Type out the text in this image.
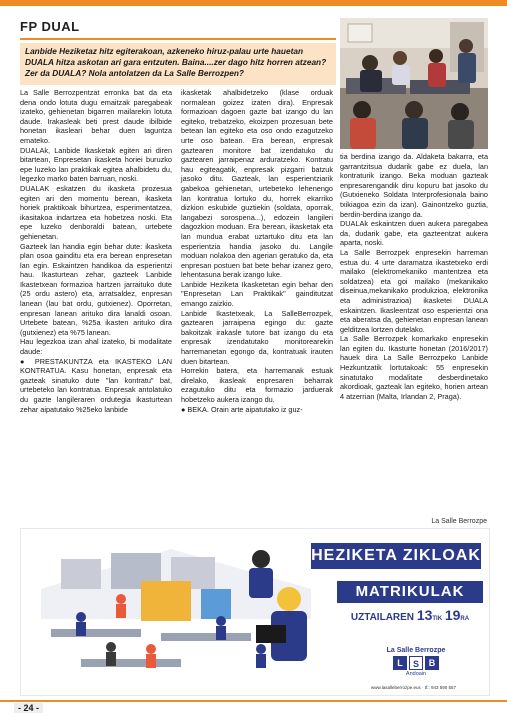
FP DUAL

Lanbide Heziketaz hitz egiterakoan, azkeneko hiruz-palau urte hauetan DUALA hitza askotan ari gara entzuten. Baina....zer dago hitz horren atzean? Zer da DUALA? Nola antolatzen da La Salle Berrozpen?

La Salle Berrozpentzat erronka bat da eta dena ondo lotuta dugu emaitzak paregabeak izateko, gehienetan bigarren mailarekin lotuta daude. Irakasleak beti prest daude ibilbide honetan ikasleari behar duen laguntza emateko.

DUALAk, Lanbide Ikasketak egiten ari diren bitartean, Enpresetan ikasketa horiei buruzko epe luzeko lan praktikak egitea ahalbidetu du, legezko marko baten barruan, noski.

DUALAK eskatzen du ikasketa prozesua egiten ari den momentu berean, ikasketa horiek praktikoak bihurtzea, esperimentatzea, ikasitakoa indartzea eta hobetzea noski. Eta epe luzeko denboraldi batean, urtebete gehienetan.

Gazteek lan handia egin behar dute: ikasketa plan osoa gainditu eta era berean enpresetan lan egin. Eskaintzen handikoa da esperientzi hau. Ikasturtean zehar, gazteek Lanbide Ikastetxean formazioa hartzen jarraituko dute (25 ordu astero) eta, arratsaldez, enpresan lanean (lau bat ordu, gutxienez). Oporretan, enpresan lanean arituko dira lanaldi osoan. Urtebete batean, %25a ikasten arituko dira (gutxienez) eta %75 lanean.

Hau legezkoa izan ahal izateko, bi modalitate daude:

● PRESTAKUNTZA eta IKASTEKO LAN KONTRATUA. Kasu honetan, enpresak eta gazteak sinatuko dute "lan kontratu" bat, urtebeteko lan kontratua. Enpresak antolatuko du gazte langileraren ordutegia ikasturtean zehar aipatutako %25eko lanbide

ikasketak ahalbidetzeko (klase orduak normalean goizez izaten dira). Enpresak formazioan dagoen gazte bat izango du lan egiteko, trebatzeko, ekoizpen prozesuan bete betean lan egiteko eta oso ondo ezagutzeko urte oso batean. Era berean, enpresak gaztearen monitore bat izendatuko du gaztearen jarraipenaz arduratzeko. Kontratu hau egiteagatik, enpresak pizgarri batzuk jasoko ditu. Gazteak, lan esperientziarik gabekoa gehienetan, urtebeteko lehenengo lan kontratua lortuko du, horrek ekarriko dizkion eskubide guztiekin (soldata, oporrak, langabezi sorospena...), edozein langileri dagozkion moduan. Era berean, ikasketak eta lan mundua erabat uztartuko ditu eta lan esperientzia handia jasoko du. Langile moduan nolakoa den agerian geratuko da, eta enpresan postuen bat bete behar izanez gero, lehentasuna berak izango luke.

Lanbide Heziketa Ikasketetan egin behar den "Enpresetan Lan Praktikak" gainditutzat emango zaizkio.

Lanbide Ikastetxeak, La SalleBerrozpek, gaztearen jarraipena egingo du: gazte bakoitzak irakasle tutore bat izango du eta enpresak izendatutako monitorearekin harremanetan egongo da, kontratuak irauten duen bitartean.

Horrekin batera, eta harremanak estuak direlako, ikasleak enpresaren beharrak ezagutuko ditu eta formazio jarduerak hobetzeko aukera izango du.

● BEKA. Orain arte aipatutako iz guz-

tia berdina izango da. Aldaketa bakarra, eta garrantzitsua dudarik gabe ez duela, lan kontraturik izango. Beka moduan gazteak enpresarengandik diru kopuru bat jasoko du (Gutxieneko Soldata Interprofesionala baino txikiagoa ezin da izan). Gainontzeko guztia, berdin-berdina izango da.

DUALAk eskaintzen duen aukera paregabea da, dudarik gabe, eta gazteentzat aukera aparta, noski.

La Salle Berrozpek enpresekin harreman estua du. 4 urte daramatza ikastetxeko erdi mailako (elektromekaniko mantentzea eta soldatzea) eta goi mailako (mekanikako diseinua,mekanikako produkzioa, elektronika eta administrazioa) ikasketei DUALA eskaintzen. Ikasleentzat oso esperientzi ona eta aberatsa da, gehienetan enpresan lanean gelditzea lortzen dutelako.

La Salle Berrozpek komarkako enpresekin lan egiten du. Ikasturte honetan (2016/2017) hauek dira La Salle Berrozpeko Lanbide Hezkuntzatik lortutakoak: 55 enpresekin sinatutako modalitate desberdinetako akordioak, gazteak lan egiteko, horien artean 4 atzerrian (Malta, Irlandan 2, Praga).

La Salle Berrozpe
HEZIKETA ZIKLOAK
MATRIKULAK
UZTAILAREN 13TIK 19RA
La Salle Berrozpe
L	S	B
Andoain
www.lasalleberrozpe.eus · tf.: 943 590 557
- 24 -
